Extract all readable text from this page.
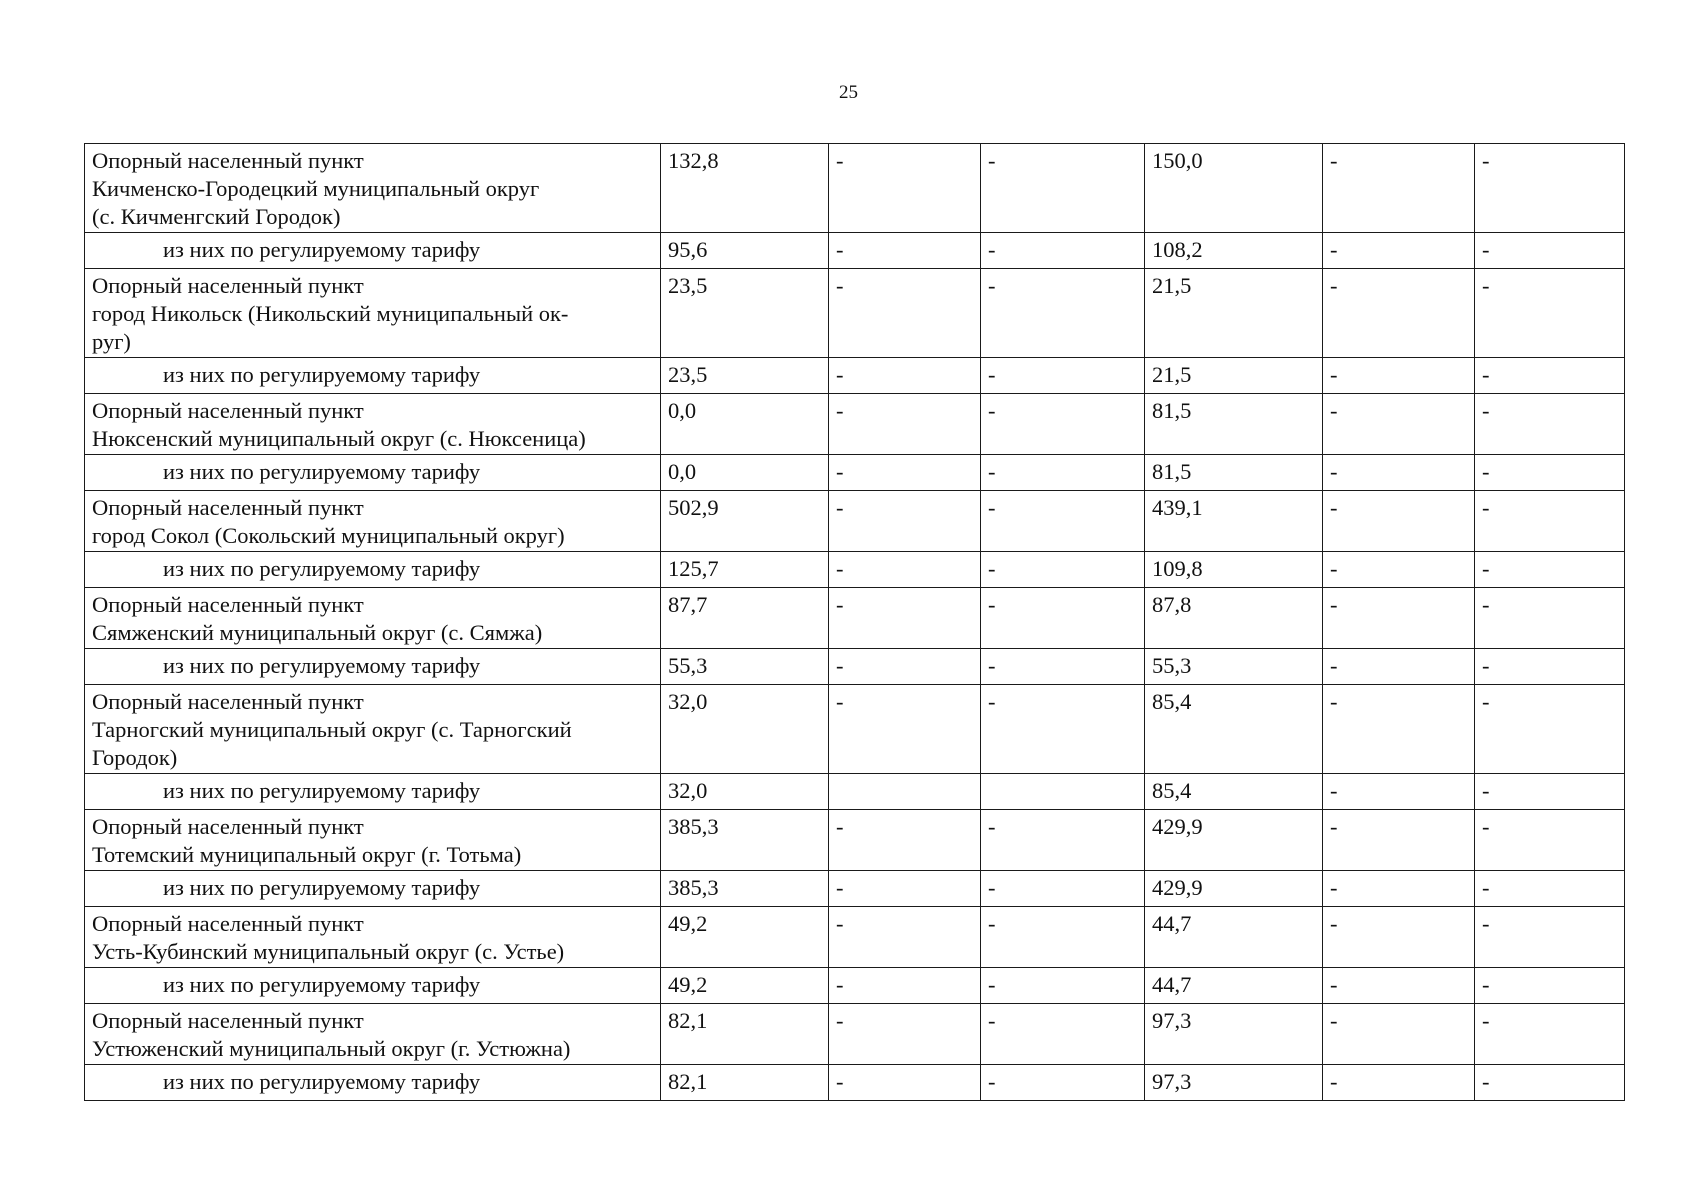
25
Опорный населенный пункт
Кичменско-Городецкий муниципальный округ
(с. Кичменгский Городок)	132,8	-	-	150,0	-	-
из них по регулируемому тарифу	95,6	-	-	108,2	-	-
Опорный населенный пункт
город Никольск (Никольский муниципальный ок-
руг)	23,5	-	-	21,5	-	-
из них по регулируемому тарифу	23,5	-	-	21,5	-	-
Опорный населенный пункт
Нюксенский муниципальный округ (с. Нюксеница)	0,0	-	-	81,5	-	-
из них по регулируемому тарифу	0,0	-	-	81,5	-	-
Опорный населенный пункт
город Сокол (Сокольский муниципальный округ)	502,9	-	-	439,1	-	-
из них по регулируемому тарифу	125,7	-	-	109,8	-	-
Опорный населенный пункт
Сямженский муниципальный округ (с. Сямжа)	87,7	-	-	87,8	-	-
из них по регулируемому тарифу	55,3	-	-	55,3	-	-
Опорный населенный пункт
Тарногский муниципальный округ (с. Тарногский
Городок)	32,0	-	-	85,4	-	-
из них по регулируемому тарифу	32,0			85,4	-	-
Опорный населенный пункт
Тотемский муниципальный округ (г. Тотьма)	385,3	-	-	429,9	-	-
из них по регулируемому тарифу	385,3	-	-	429,9	-	-
Опорный населенный пункт
Усть-Кубинский муниципальный округ (с. Устье)	49,2	-	-	44,7	-	-
из них по регулируемому тарифу	49,2	-	-	44,7	-	-
Опорный населенный пункт
Устюженский муниципальный округ (г. Устюжна)	82,1	-	-	97,3	-	-
из них по регулируемому тарифу	82,1	-	-	97,3	-	-
